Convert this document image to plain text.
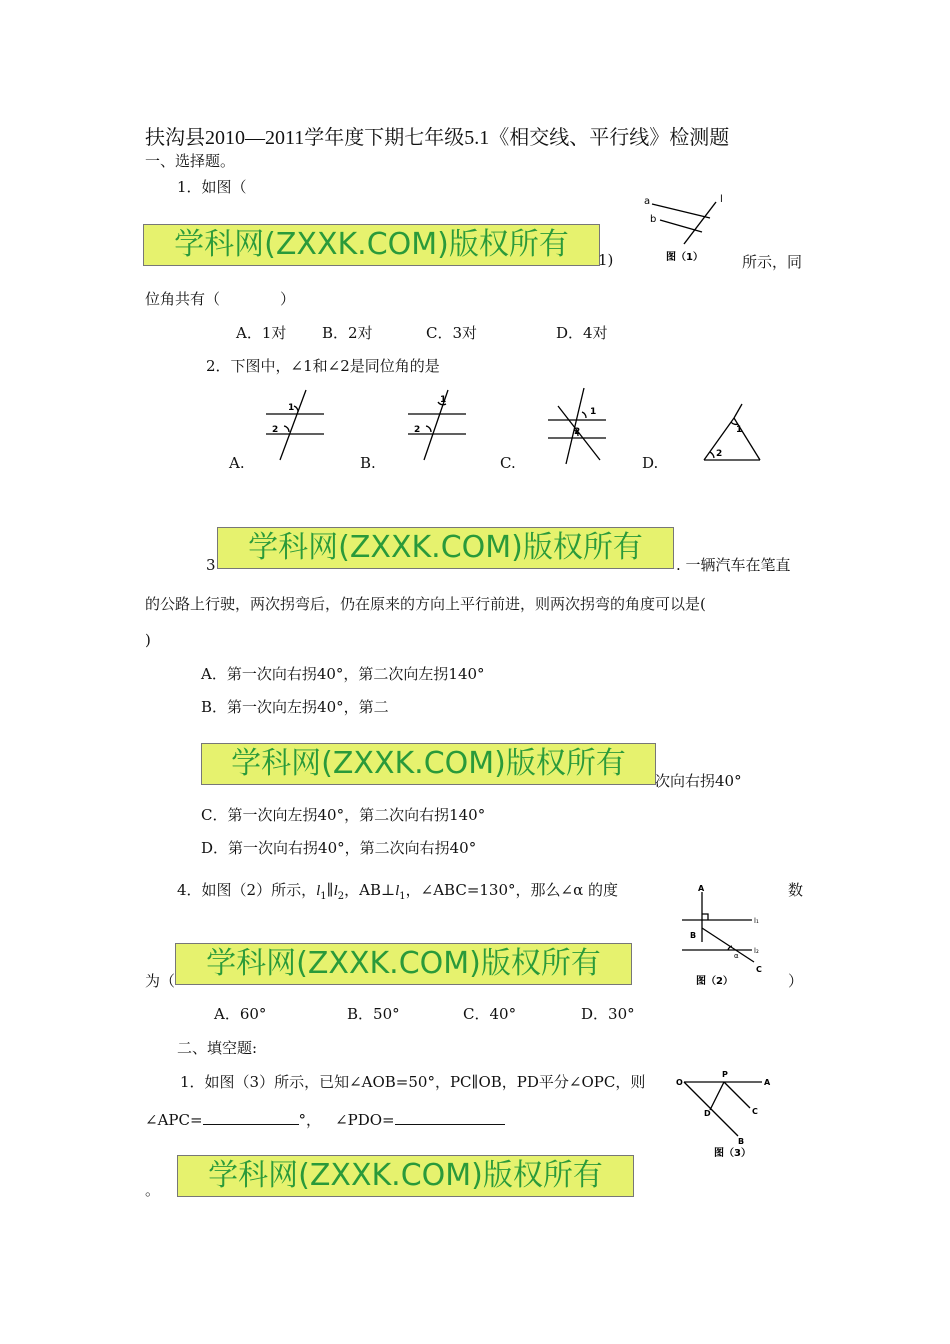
扶沟县2010—2011学年度下期七年级5.1《相交线、平行线》检测题
一、选择题。
1．如图（
学科网(ZXXK.COM)版权所有	1)	所示，同
位角共有（　　　　）
A．1对 B．2对	C．3对	D．4对
a
b
l
图（1）
2．下图中，∠1和∠2是同位角的是
1
2
A.
1
2
B.
1
2
C.
1
2
D.
3	学科网(ZXXK.COM)版权所有	. 一辆汽车在笔直
的公路上行驶，两次拐弯后，仍在原来的方向上平行前进，则两次拐弯的角度可以是(
)
A．第一次向右拐40°，第二次向左拐140°
B．第一次向左拐40°，第二
学科网(ZXXK.COM)版权所有	次向右拐40°
C．第一次向左拐40°，第二次向右拐140°
D．第一次向右拐40°，第二次向右拐40°
4．如图（2）所示，$l_1\parallel l_2$，$AB\perp l_1$，∠ABC=130°，那么∠α 的度	数
为（	学科网(ZXXK.COM)版权所有	）
A．60°	B．50°	C．40°	D．30°
A
B
C
l₁
l₂
α
图（2）
二、填空题:
1．如图（3）所示，已知∠AOB=50°，PC∥OB，PD平分∠OPC，则
∠APC=	°， ∠PDO=
。	学科网(ZXXK.COM)版权所有
O
P
A
D	C
B
图（3）
